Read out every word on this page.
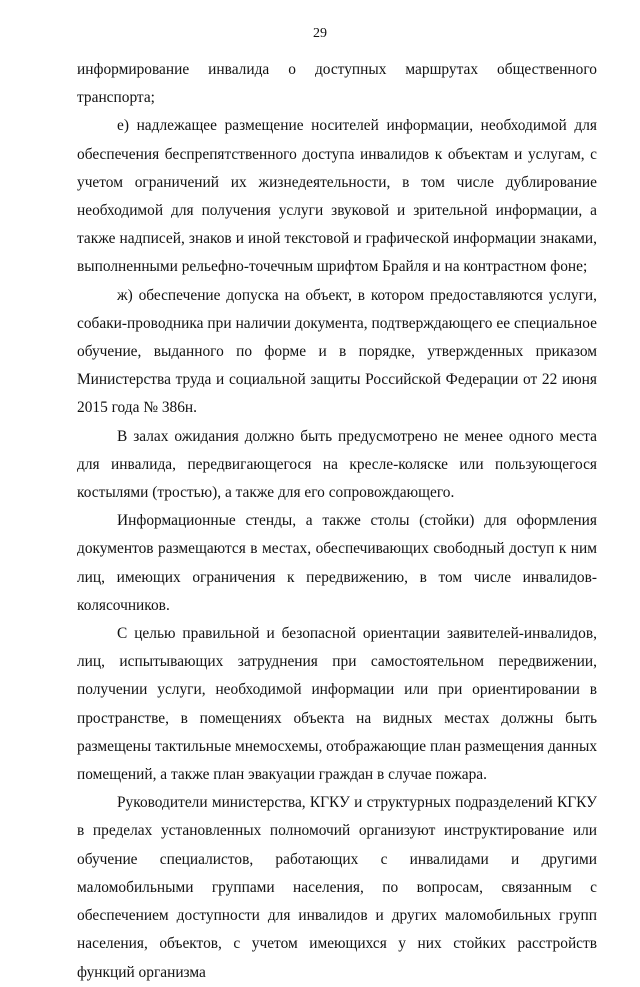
29

информирование инвалида о доступных маршрутах общественного транспорта;

е) надлежащее размещение носителей информации, необходимой для обеспечения беспрепятственного доступа инвалидов к объектам и услугам, с учетом ограничений их жизнедеятельности, в том числе дублирование необходимой для получения услуги звуковой и зрительной информации, а также надписей, знаков и иной текстовой и графической информации знаками, выполненными рельефно-точечным шрифтом Брайля и на контрастном фоне;

ж) обеспечение допуска на объект, в котором предоставляются услуги, собаки-проводника при наличии документа, подтверждающего ее специальное обучение, выданного по форме и в порядке, утвержденных приказом Министерства труда и социальной защиты Российской Федерации от 22 июня 2015 года № 386н.

В залах ожидания должно быть предусмотрено не менее одного места для инвалида, передвигающегося на кресле-коляске или пользующегося костылями (тростью), а также для его сопровождающего.

Информационные стенды, а также столы (стойки) для оформления документов размещаются в местах, обеспечивающих свободный доступ к ним лиц, имеющих ограничения к передвижению, в том числе инвалидов-колясочников.

С целью правильной и безопасной ориентации заявителей-инвалидов, лиц, испытывающих затруднения при самостоятельном передвижении, получении услуги, необходимой информации или при ориентировании в пространстве, в помещениях объекта на видных местах должны быть размещены тактильные мнемосхемы, отображающие план размещения данных помещений, а также план эвакуации граждан в случае пожара.

Руководители министерства, КГКУ и структурных подразделений КГКУ в пределах установленных полномочий организуют инструктирование или обучение специалистов, работающих с инвалидами и другими маломобильными группами населения, по вопросам, связанным с обеспечением доступности для инвалидов и других маломобильных групп населения, объектов, с учетом имеющихся у них стойких расстройств функций организма
